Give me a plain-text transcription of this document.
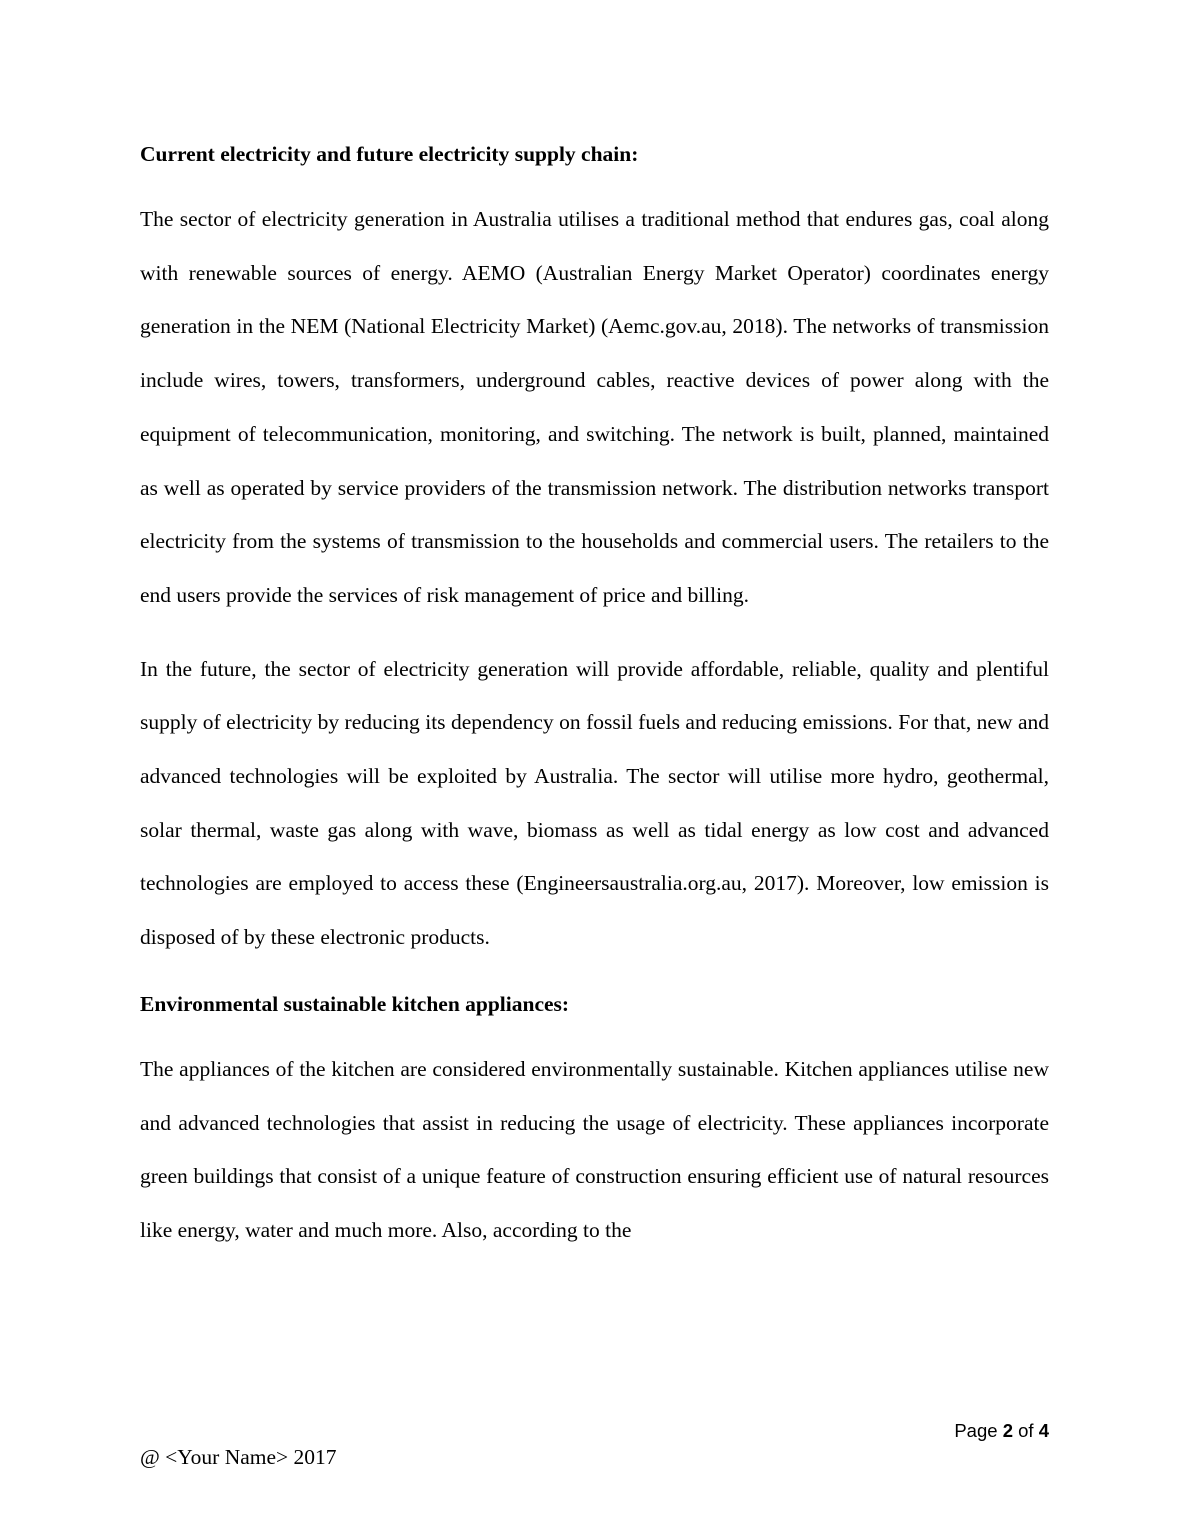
Current electricity and future electricity supply chain:

The sector of electricity generation in Australia utilises a traditional method that endures gas, coal along with renewable sources of energy. AEMO (Australian Energy Market Operator) coordinates energy generation in the NEM (National Electricity Market) (Aemc.gov.au, 2018). The networks of transmission include wires, towers, transformers, underground cables, reactive devices of power along with the equipment of telecommunication, monitoring, and switching. The network is built, planned, maintained as well as operated by service providers of the transmission network. The distribution networks transport electricity from the systems of transmission to the households and commercial users. The retailers to the end users provide the services of risk management of price and billing.

In the future, the sector of electricity generation will provide affordable, reliable, quality and plentiful supply of electricity by reducing its dependency on fossil fuels and reducing emissions. For that, new and advanced technologies will be exploited by Australia. The sector will utilise more hydro, geothermal, solar thermal, waste gas along with wave, biomass as well as tidal energy as low cost and advanced technologies are employed to access these (Engineersaustralia.org.au, 2017). Moreover, low emission is disposed of by these electronic products.

Environmental sustainable kitchen appliances:

The appliances of the kitchen are considered environmentally sustainable. Kitchen appliances utilise new and advanced technologies that assist in reducing the usage of electricity. These appliances incorporate green buildings that consist of a unique feature of construction ensuring efficient use of natural resources like energy, water and much more. Also, according to the

Page 2 of 4
@ <Your Name> 2017
